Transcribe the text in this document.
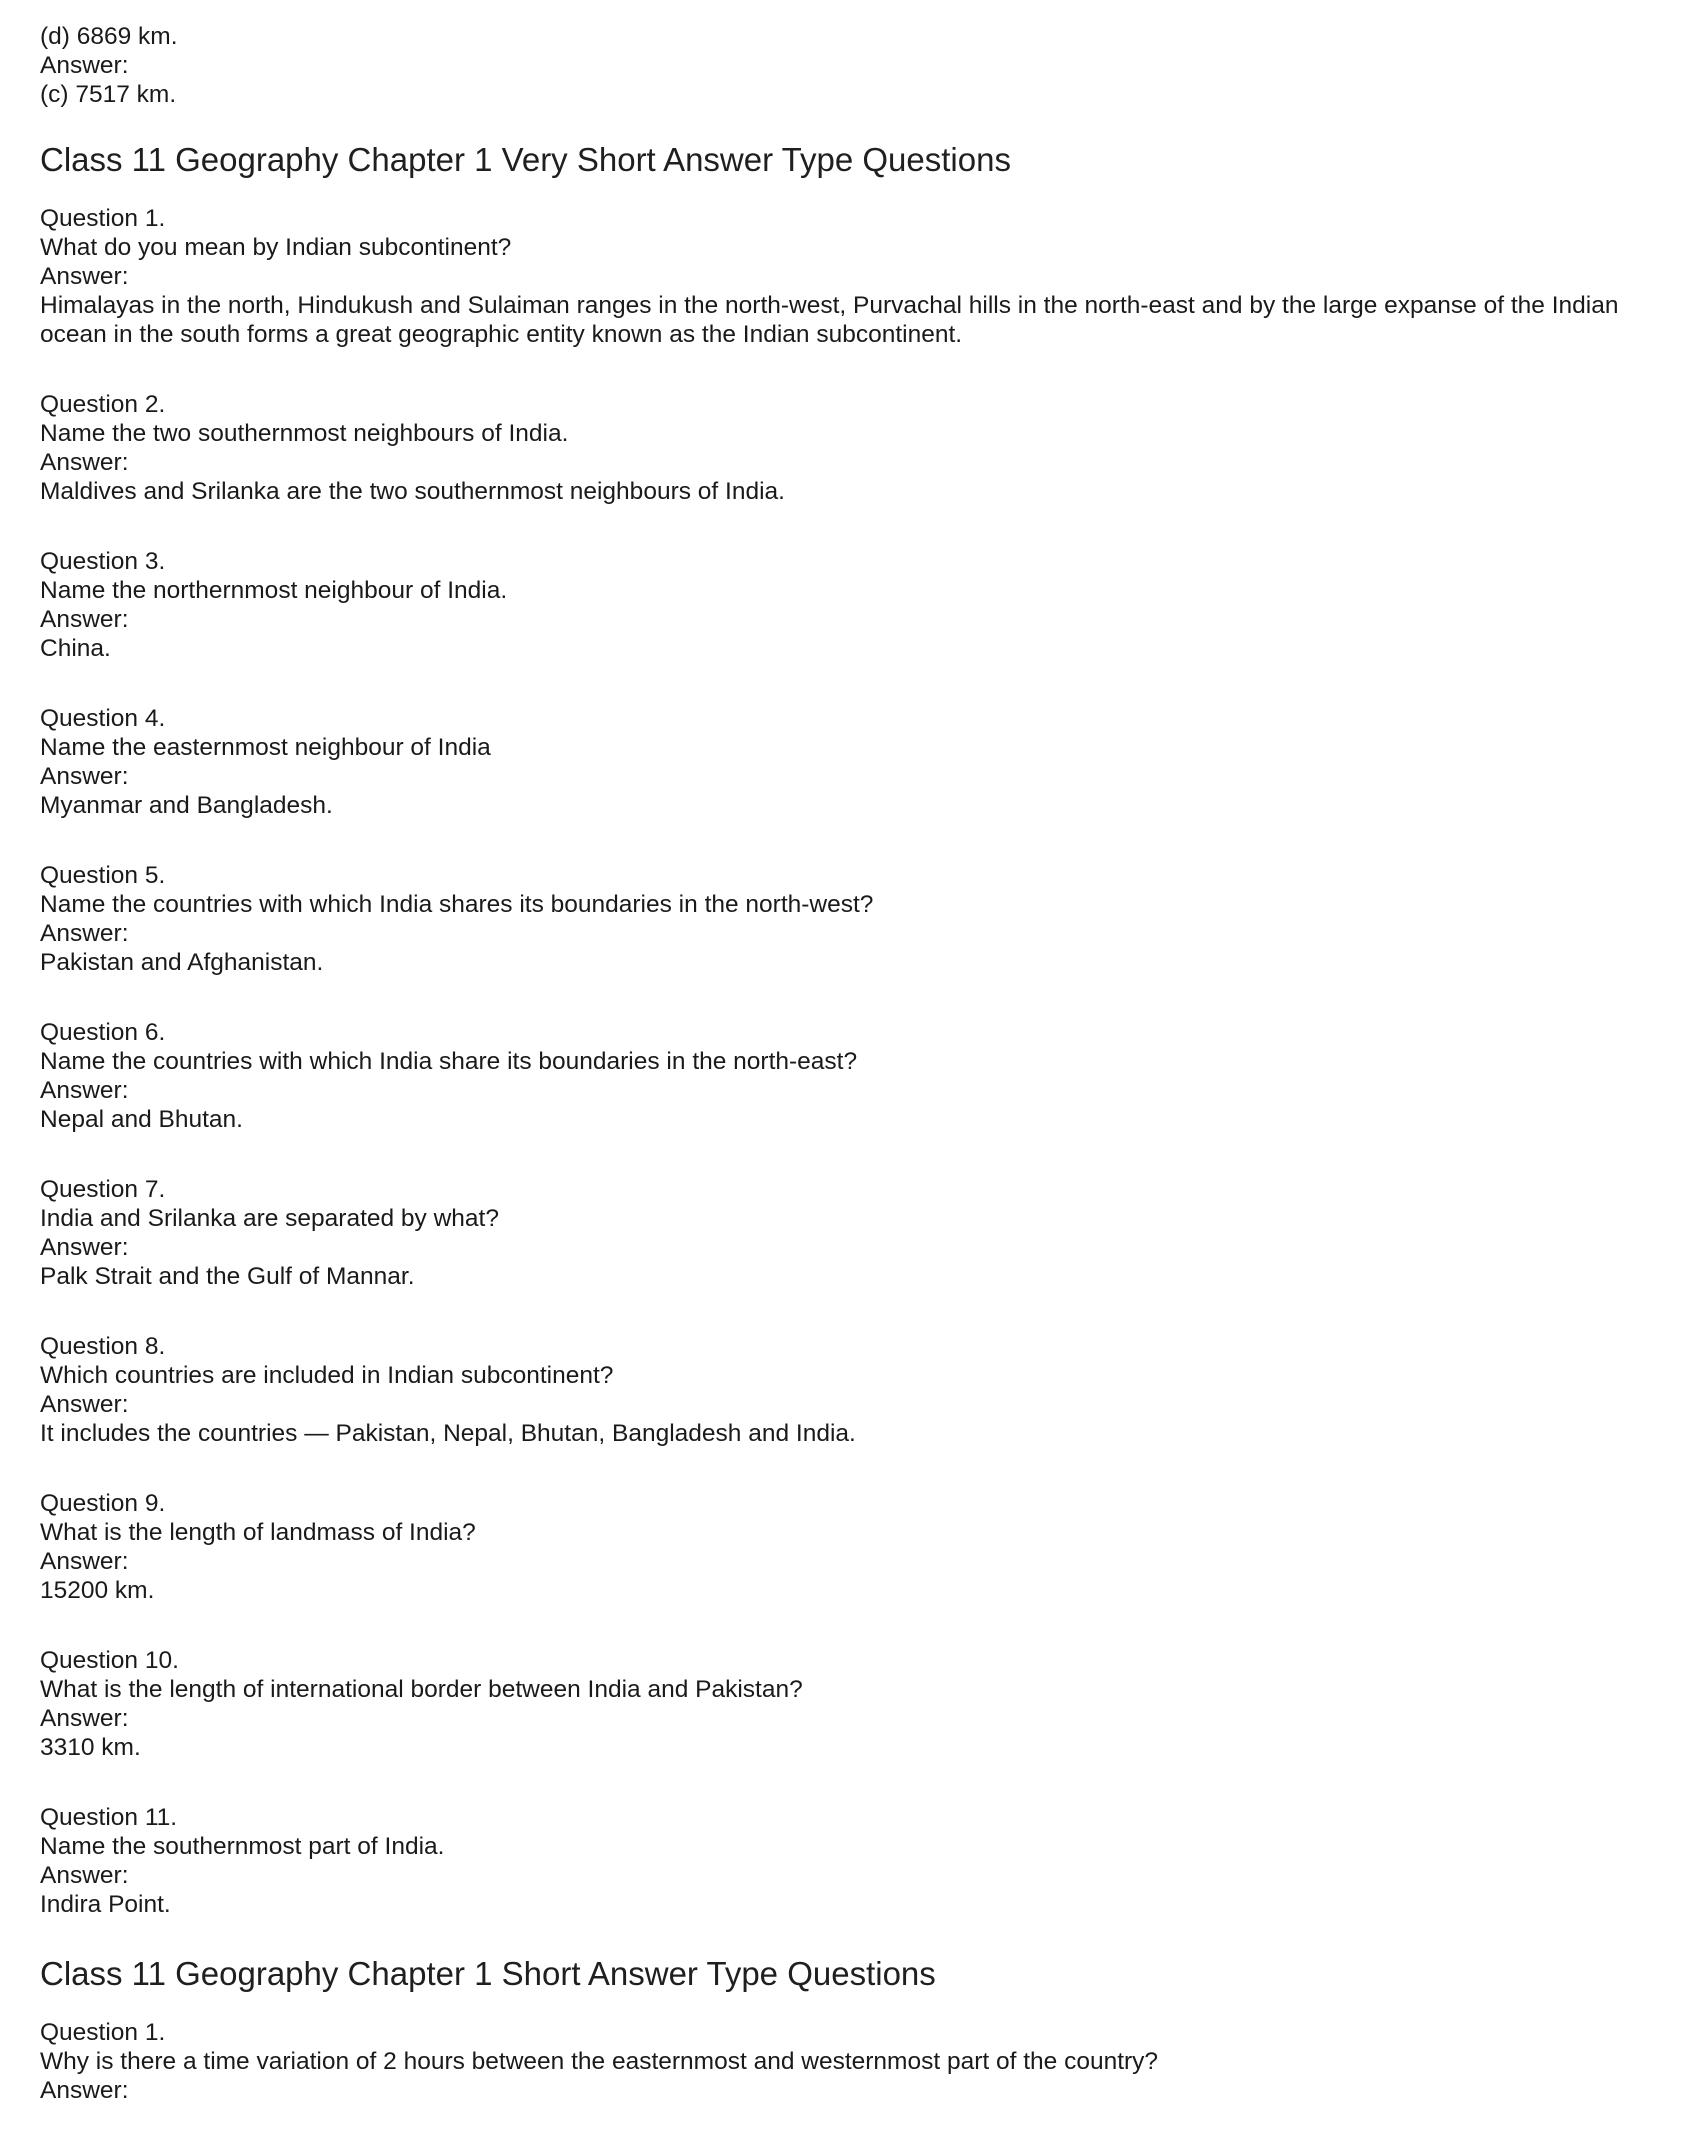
(d) 6869 km.

Answer:

(c) 7517 km.

Class 11 Geography Chapter 1 Very Short Answer Type Questions

Question 1.

What do you mean by Indian subcontinent?

Answer:

Himalayas in the north, Hindukush and Sulaiman ranges in the north-west, Purvachal hills in the north-east and by the large expanse of the Indian ocean in the south forms a great geographic entity known as the Indian subcontinent.

Question 2.

Name the two southernmost neighbours of India.

Answer:

Maldives and Srilanka are the two southernmost neighbours of India.

Question 3.

Name the northernmost neighbour of India.

Answer:

China.

Question 4.

Name the easternmost neighbour of India

Answer:

Myanmar and Bangladesh.

Question 5.

Name the countries with which India shares its boundaries in the north-west?

Answer:

Pakistan and Afghanistan.

Question 6.

Name the countries with which India share its boundaries in the north-east?

Answer:

Nepal and Bhutan.

Question 7.

India and Srilanka are separated by what?

Answer:

Palk Strait and the Gulf of Mannar.

Question 8.

Which countries are included in Indian subcontinent?

Answer:

It includes the countries — Pakistan, Nepal, Bhutan, Bangladesh and India.

Question 9.

What is the length of landmass of India?

Answer:

15200 km.

Question 10.

What is the length of international border between India and Pakistan?

Answer:

3310 km.

Question 11.

Name the southernmost part of India.

Answer:

Indira Point.

Class 11 Geography Chapter 1 Short Answer Type Questions

Question 1.

Why is there a time variation of 2 hours between the easternmost and westernmost part of the country?

Answer:
